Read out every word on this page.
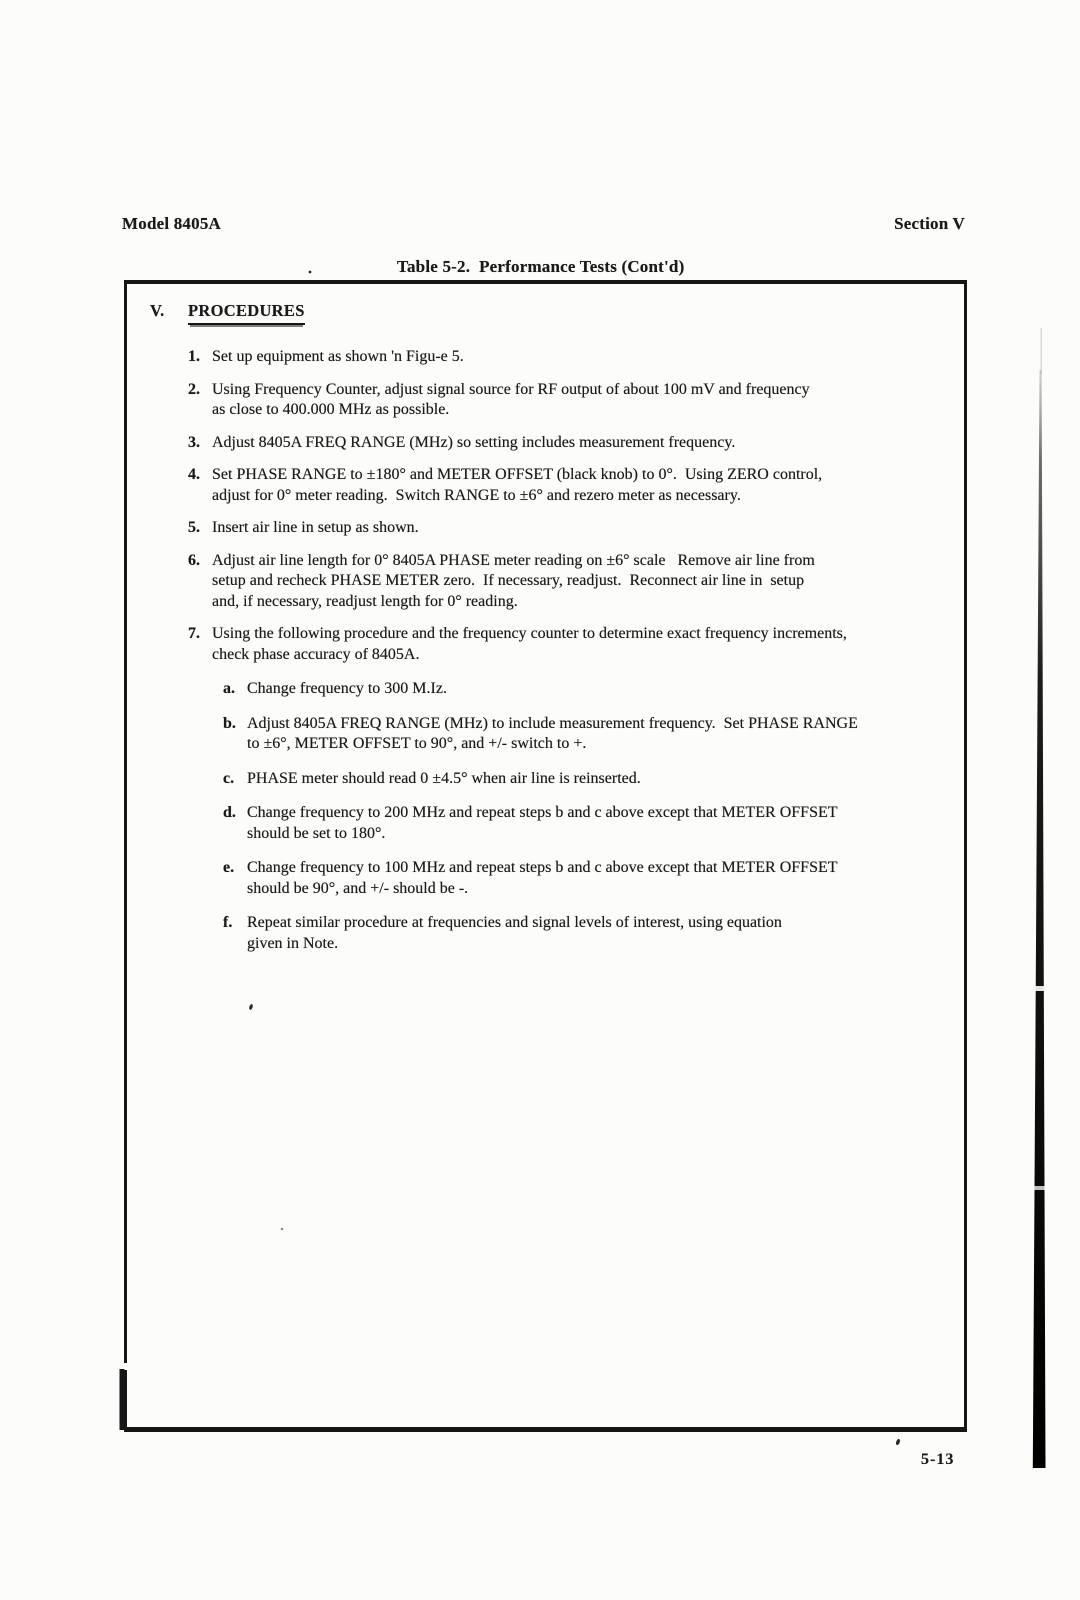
Model 8405A	Section V
Table 5-2.  Performance Tests (Cont'd)
V.	PROCEDURES
1. Set up equipment as shown 'n Figu-e 5.
2. Using Frequency Counter, adjust signal source for RF output of about 100 mV and frequency
as close to 400.000 MHz as possible.
3. Adjust 8405A FREQ RANGE (MHz) so setting includes measurement frequency.
4. Set PHASE RANGE to ±180° and METER OFFSET (black knob) to 0°.  Using ZERO control,
adjust for 0° meter reading.  Switch RANGE to ±6° and rezero meter as necessary.
5. Insert air line in setup as shown.
6. Adjust air line length for 0° 8405A PHASE meter reading on ±6° scale   Remove air line from
setup and recheck PHASE METER zero.  If necessary, readjust.  Reconnect air line in  setup
and, if necessary, readjust length for 0° reading.
7. Using the following procedure and the frequency counter to determine exact frequency increments,
check phase accuracy of 8405A.
a. Change frequency to 300 M.Iz.
b. Adjust 8405A FREQ RANGE (MHz) to include measurement frequency.  Set PHASE RANGE
to ±6°, METER OFFSET to 90°, and +/- switch to +.
c. PHASE meter should read 0 ±4.5° when air line is reinserted.
d. Change frequency to 200 MHz and repeat steps b and c above except that METER OFFSET
should be set to 180°.
e. Change frequency to 100 MHz and repeat steps b and c above except that METER OFFSET
should be 90°, and +/- should be -.
f. Repeat similar procedure at frequencies and signal levels of interest, using equation
given in Note.
5-13
